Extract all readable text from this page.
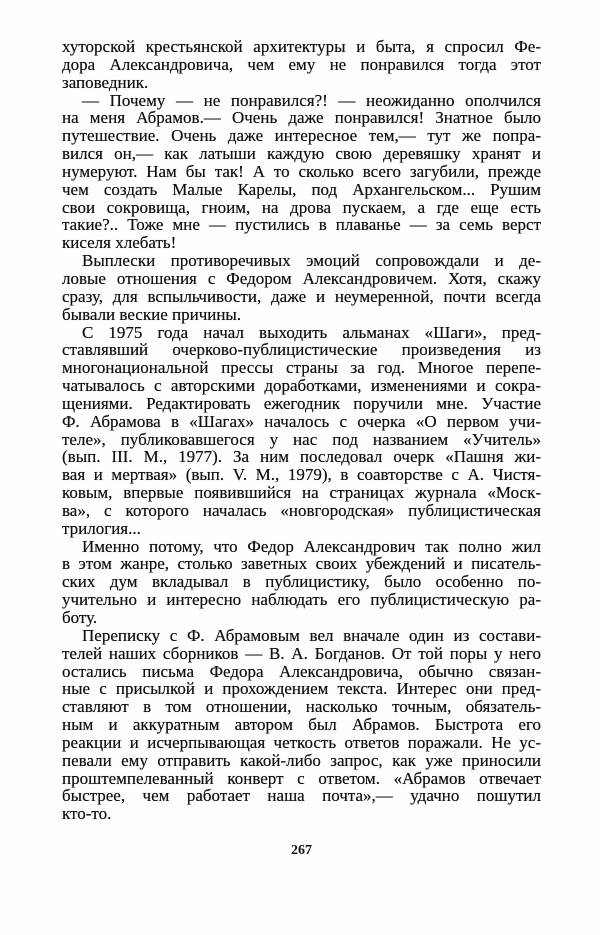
хуторской крестьянской архитектуры и быта, я спросил Фе-
дора Александровича, чем ему не понравился тогда этот
заповедник.
— Почему — не понравился?! — неожиданно ополчился
на меня Абрамов.— Очень даже понравился! Знатное было
путешествие. Очень даже интересное тем,— тут же попра-
вился он,— как латыши каждую свою деревяшку хранят и
нумеруют. Нам бы так! А то сколько всего загубили, прежде
чем создать Малые Карелы, под Архангельском... Рушим
свои сокровища, гноим, на дрова пускаем, а где еще есть
такие?.. Тоже мне — пустились в плаванье — за семь верст
киселя хлебать!
Выплески противоречивых эмоций сопровождали и де-
ловые отношения с Федором Александровичем. Хотя, скажу
сразу, для вспыльчивости, даже и неумеренной, почти всегда
бывали веские причины.
С 1975 года начал выходить альманах «Шаги», пред-
ставлявший очерково-публицистические произведения из
многонациональной прессы страны за год. Многое перепе-
чатывалось с авторскими доработками, изменениями и сокра-
щениями. Редактировать ежегодник поручили мне. Участие
Ф. Абрамова в «Шагах» началось с очерка «О первом учи-
теле», публиковавшегося у нас под названием «Учитель»
(вып. III. М., 1977). За ним последовал очерк «Пашня жи-
вая и мертвая» (вып. V. М., 1979), в соавторстве с А. Чистя-
ковым, впервые появившийся на страницах журнала «Моск-
ва», с которого началась «новгородская» публицистическая
трилогия...
Именно потому, что Федор Александрович так полно жил
в этом жанре, столько заветных своих убеждений и писатель-
ских дум вкладывал в публицистику, было особенно по-
учительно и интересно наблюдать его публицистическую ра-
боту.
Переписку с Ф. Абрамовым вел вначале один из состави-
телей наших сборников — В. А. Богданов. От той поры у него
остались письма Федора Александровича, обычно связан-
ные с присылкой и прохождением текста. Интерес они пред-
ставляют в том отношении, насколько точным, обязатель-
ным и аккуратным автором был Абрамов. Быстрота его
реакции и исчерпывающая четкость ответов поражали. Не ус-
певали ему отправить какой-либо запрос, как уже приносили
проштемпелеванный конверт с ответом. «Абрамов отвечает
быстрее, чем работает наша почта»,— удачно пошутил
кто-то.
267
